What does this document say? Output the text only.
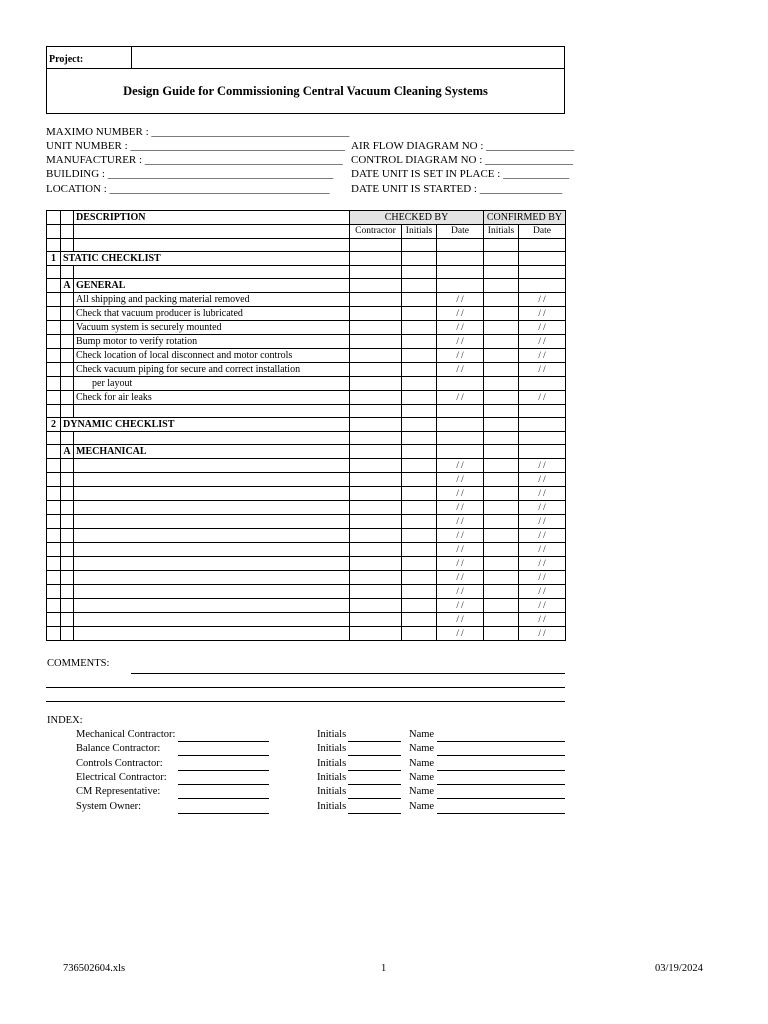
Project:
Design Guide for Commissioning Central Vacuum Cleaning Systems
MAXIMO NUMBER : ____________________________________
UNIT NUMBER : _______________________________________
MANUFACTURER : ____________________________________
BUILDING : _________________________________________
LOCATION : ________________________________________
AIR FLOW DIAGRAM NO : ________________
CONTROL DIAGRAM NO : ________________
DATE UNIT IS SET IN PLACE : ____________
DATE UNIT IS STARTED : _______________
		DESCRIPTION	CHECKED BY			CONFIRMED BY	
			Contractor	Initials	Date	Initials	Date

1	STATIC CHECKLIST						

	A	GENERAL					
		All shipping and packing material removed			/ /		/ /
		Check that vacuum producer is lubricated			/ /		/ /
		Vacuum system is securely mounted			/ /		/ /
		Bump motor to verify rotation			/ /		/ /
		Check location of local disconnect and motor controls			/ /		/ /
		Check vacuum piping for secure and correct installation			/ /		/ /
		per layout					
		Check for air leaks			/ /		/ /

2	DYNAMIC CHECKLIST						

	A	MECHANICAL					
					/ /		/ /
					/ /		/ /
					/ /		/ /
					/ /		/ /
					/ /		/ /
					/ /		/ /
					/ /		/ /
					/ /		/ /
					/ /		/ /
					/ /		/ /
					/ /		/ /
					/ /		/ /
					/ /		/ /
COMMENTS:
INDEX:
Mechanical Contractor:	Initials	Name
Balance Contractor:	Initials	Name
Controls Contractor:	Initials	Name
Electrical Contractor:	Initials	Name
CM Representative:	Initials	Name
System Owner:	Initials	Name
736502604.xls	1	03/19/2024
